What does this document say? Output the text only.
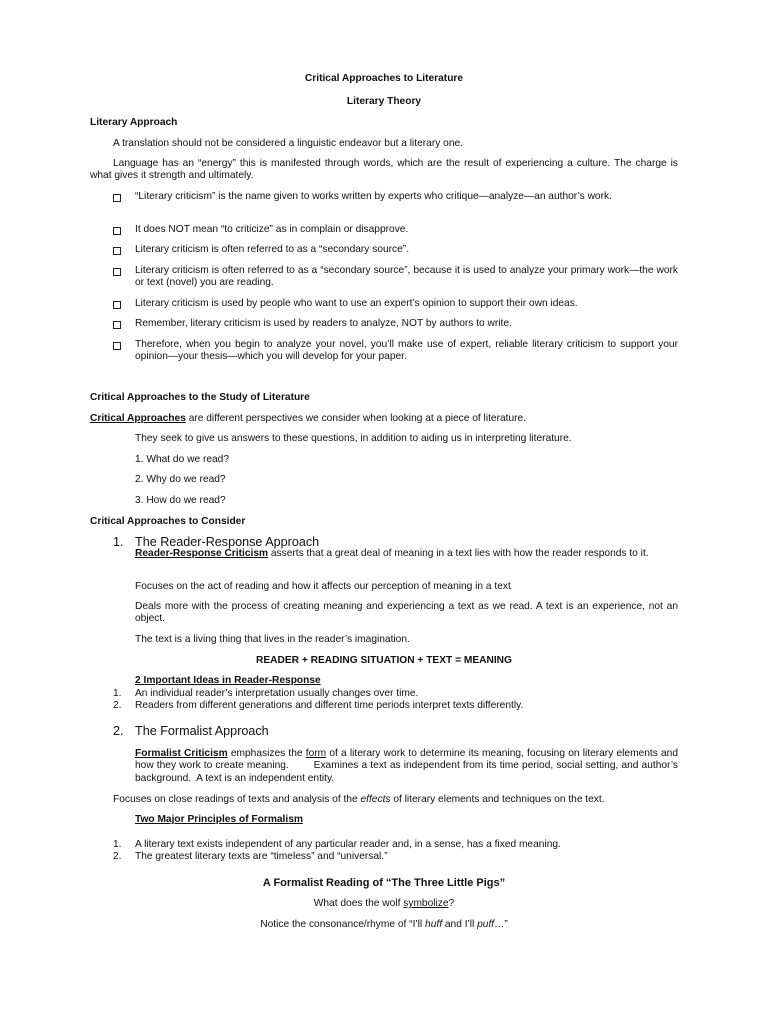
Critical Approaches to Literature
Literary Theory
Literary Approach
A translation should not be considered a linguistic endeavor but a literary one.
Language has an “energy” this is manifested through words, which are the result of experiencing a culture. The charge is what gives it strength and ultimately.
“Literary criticism” is the name given to works written by experts who critique—analyze—an author’s work.
It does NOT mean “to criticize” as in complain or disapprove.
Literary criticism is often referred to as a “secondary source”.
Literary criticism is often referred to as a “secondary source”, because it is used to analyze your primary work—the work or text (novel) you are reading.
Literary criticism is used by people who want to use an expert’s opinion to support their own ideas.
Remember, literary criticism is used by readers to analyze, NOT by authors to write.
Therefore, when you begin to analyze your novel, you’ll make use of expert, reliable literary criticism to support your opinion—your thesis—which you will develop for your paper.
Critical Approaches to the Study of Literature
Critical Approaches are different perspectives we consider when looking at a piece of literature.
They seek to give us answers to these questions, in addition to aiding us in interpreting literature.
1. What do we read?
2. Why do we read?
3. How do we read?
Critical Approaches to Consider
1. The Reader-Response Approach
Reader-Response Criticism asserts that a great deal of meaning in a text lies with how the reader responds to it.
Focuses on the act of reading and how it affects our perception of meaning in a text
Deals more with the process of creating meaning and experiencing a text as we read. A text is an experience, not an object.
The text is a living thing that lives in the reader’s imagination.
READER + READING SITUATION + TEXT = MEANING
2 Important Ideas in Reader-Response
1. An individual reader’s interpretation usually changes over time.
2. Readers from different generations and different time periods interpret texts differently.
2. The Formalist Approach
Formalist Criticism emphasizes the form of a literary work to determine its meaning, focusing on literary elements and how they work to create meaning.        Examines a text as independent from its time period, social setting, and author’s background.  A text is an independent entity.
Focuses on close readings of texts and analysis of the effects of literary elements and techniques on the text.
Two Major Principles of Formalism
1. A literary text exists independent of any particular reader and, in a sense, has a fixed meaning.
2. The greatest literary texts are “timeless” and “universal.”
A Formalist Reading of “The Three Little Pigs”
What does the wolf symbolize?
Notice the consonance/rhyme of “I’ll huff and I’ll puff…”
